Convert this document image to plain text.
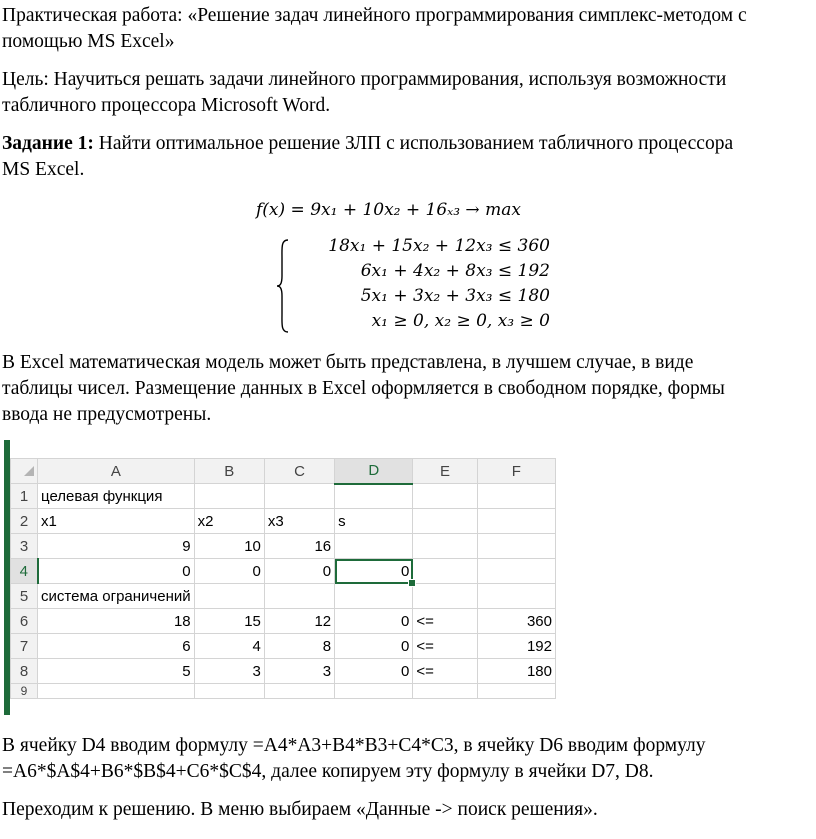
Практическая работа: «Решение задач линейного программирования симплекс-методом с
помощью MS Excel»

Цель: Научиться решать задачи линейного программирования, используя возможности
табличного процессора Microsoft Word.

Задание 1: Найти оптимальное решение ЗЛП с использованием табличного процессора
MS Excel.

f(x) = 9x₁ + 10x₂ + 16ₓ₃ → max
18x₁ + 15x₂ + 12x₃ ≤ 360
6x₁ + 4x₂ + 8x₃ ≤ 192
5x₁ + 3x₂ + 3x₃ ≤ 180
x₁ ≥ 0, x₂ ≥ 0, x₃ ≥ 0

В Excel математическая модель может быть представлена, в лучшем случае, в виде
таблицы чисел. Размещение данных в Excel оформляется в свободном порядке, формы
ввода не предусмотрены.

	A	B	C	D	E	F
1	целевая функция					
2	x1	x2	x3	s		
3	9	10	16			
4	0	0	0	0		
5	система ограничений					
6	18	15	12	0	<=	360
7	6	4	8	0	<=	192
8	5	3	3	0	<=	180
9						

В ячейку D4 вводим формулу =A4*A3+B4*B3+C4*C3, в ячейку D6 вводим формулу
=A6*$A$4+B6*$B$4+C6*$C$4, далее копируем эту формулу в ячейки D7, D8.

Переходим к решению. В меню выбираем «Данные -> поиск решения».
